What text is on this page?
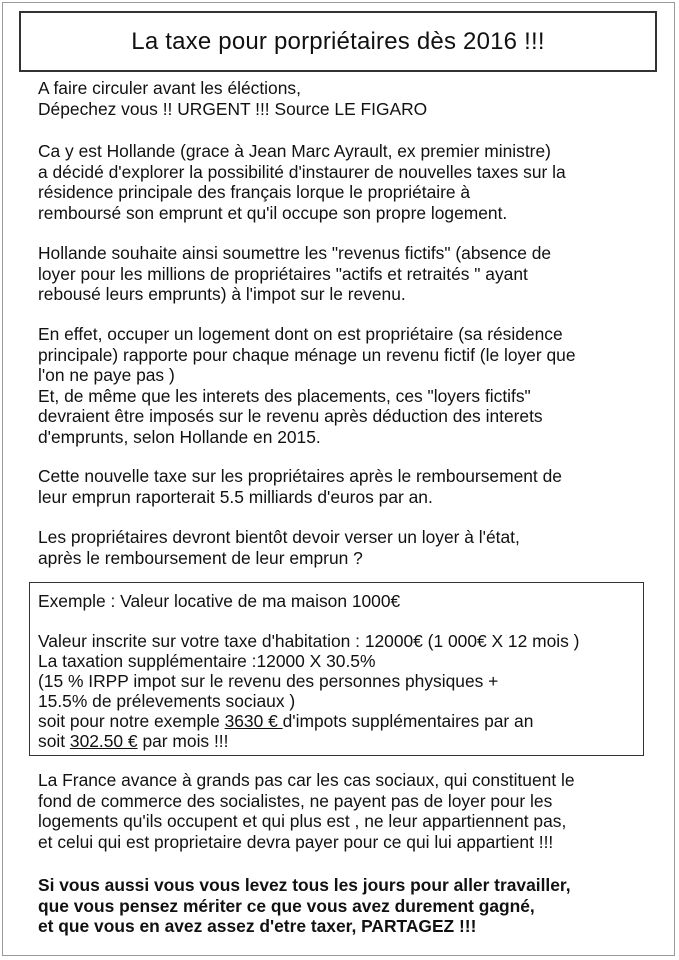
La taxe pour porpriétaires dès 2016 !!!
A faire circuler avant les éléctions,
Dépechez vous !! URGENT !!! Source LE FIGARO
Ca y est Hollande (grace à Jean Marc Ayrault, ex premier ministre)
a décidé d'explorer la possibilité d'instaurer de nouvelles taxes sur la
résidence principale des français lorque le propriétaire à
remboursé son emprunt et qu'il occupe son propre logement.
Hollande souhaite ainsi soumettre les "revenus fictifs" (absence de
loyer pour les millions de propriétaires "actifs et retraités " ayant
rebousé leurs emprunts) à l'impot sur le revenu.
En effet, occuper un logement dont on est propriétaire (sa résidence
principale) rapporte pour chaque ménage un revenu fictif (le loyer que
l'on ne paye pas )
Et, de même que les interets des placements, ces "loyers fictifs"
devraient être imposés sur le revenu après déduction des interets
d'emprunts, selon Hollande en 2015.
Cette nouvelle taxe sur les propriétaires après le remboursement de
leur emprun raporterait 5.5 milliards d'euros par an.
Les propriétaires devront bientôt devoir verser un loyer à l'état,
après le remboursement de leur emprun ?
Exemple : Valeur locative de ma maison 1000€
Valeur inscrite sur votre taxe d'habitation : 12000€ (1 000€ X 12 mois )
La taxation supplémentaire :12000 X 30.5%
(15 % IRPP impot sur le revenu des personnes physiques +
15.5% de prélevements sociaux )
soit pour notre exemple 3630 € d'impots supplémentaires par an
soit 302.50 € par mois !!!
La France avance à grands pas car les cas sociaux, qui constituent le
fond de commerce des socialistes, ne payent pas de loyer pour les
logements qu'ils occupent et qui plus est , ne leur appartiennent pas,
et celui qui est proprietaire devra payer pour ce qui lui appartient !!!
Si vous aussi vous vous levez tous les jours pour aller travailler,
que vous pensez mériter ce que vous avez durement gagné,
et que vous en avez assez d'etre taxer, PARTAGEZ !!!
